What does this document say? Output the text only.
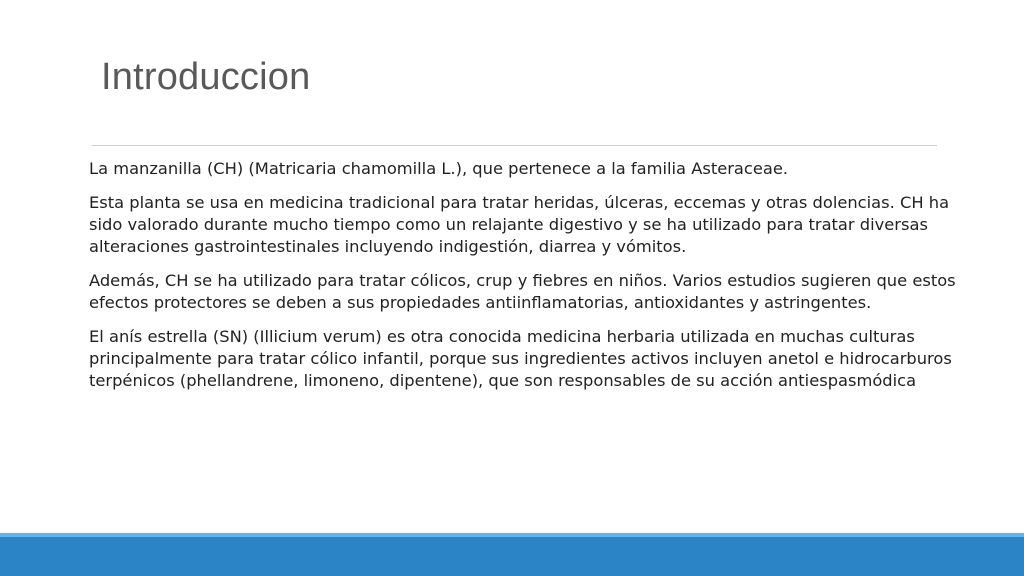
Introduccion

La manzanilla (CH) (Matricaria chamomilla L.), que pertenece a la familia Asteraceae.

Esta planta se usa en medicina tradicional para tratar heridas, úlceras, eccemas y otras dolencias. CH ha sido valorado durante mucho tiempo como un relajante digestivo y se ha utilizado para tratar diversas alteraciones gastrointestinales incluyendo indigestión, diarrea y vómitos.

Además, CH se ha utilizado para tratar cólicos, crup y fiebres en niños. Varios estudios sugieren que estos efectos protectores se deben a sus propiedades antiinflamatorias, antioxidantes y astringentes.

El anís estrella (SN) (Illicium verum) es otra conocida medicina herbaria utilizada en muchas culturas principalmente para tratar cólico infantil, porque sus ingredientes activos incluyen anetol e hidrocarburos terpénicos (phellandrene, limoneno, dipentene), que son responsables de su acción antiespasmódica
